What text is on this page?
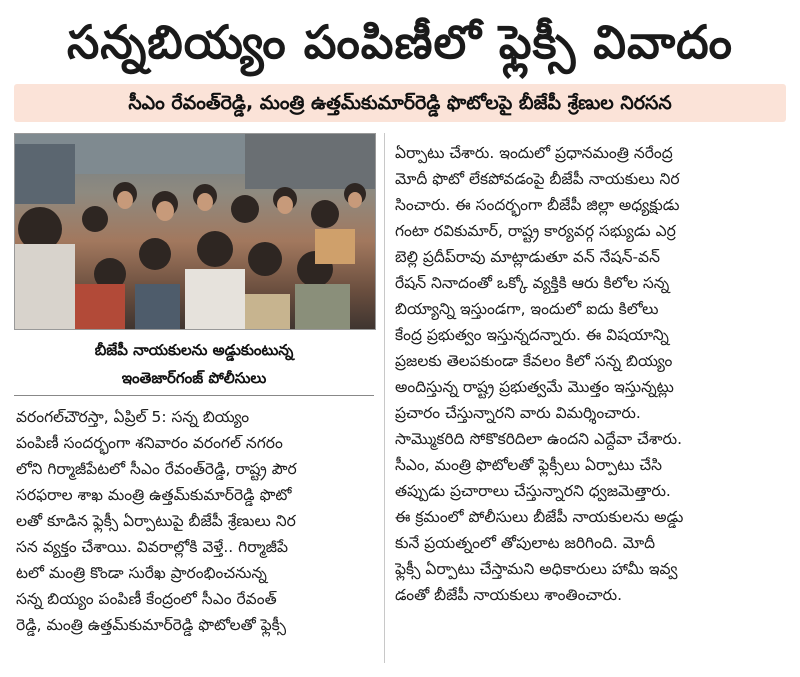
సన్నబియ్యం పంపిణీలో ఫ్లెక్సీ వివాదం
సీఎం రేవంత్‌రెడ్డి, మంత్రి ఉత్తమ్‌కుమార్‌రెడ్డి ఫొటోలపై బీజేపీ శ్రేణుల నిరసన
బీజేపీ నాయకులను అడ్డుకుంటున్న
ఇంతెజార్‌గంజ్ పోలీసులు
వరంగల్‌చౌరస్తా, ఏప్రిల్ 5: సన్న బియ్యం
పంపిణీ సందర్భంగా శనివారం వరంగల్ నగరం
లోని గిర్మాజీపేటలో సీఎం రేవంత్‌రెడ్డి, రాష్ట్ర పౌర
సరఫరాల శాఖ మంత్రి ఉత్తమ్‌కుమార్‌రెడ్డి ఫొటో
లతో కూడిన ఫ్లెక్సీ ఏర్పాటుపై బీజేపీ శ్రేణులు నిర
సన వ్యక్తం చేశాయి. వివరాల్లోకి వెళ్తే.. గిర్మాజీపే
టలో మంత్రి కొండా సురేఖ ప్రారంభించనున్న
సన్న బియ్యం పంపిణీ కేంద్రంలో సీఎం రేవంత్
రెడ్డి, మంత్రి ఉత్తమ్‌కుమార్‌రెడ్డి ఫొటోలతో ఫ్లెక్సీ
ఏర్పాటు చేశారు. ఇందులో ప్రధానమంత్రి నరేంద్ర
మోదీ ఫొటో లేకపోవడంపై బీజేపీ నాయకులు నిర
సించారు. ఈ సందర్భంగా బీజేపీ జిల్లా అధ్యక్షుడు
గంటా రవికుమార్, రాష్ట్ర కార్యవర్గ సభ్యుడు ఎర్ర
బెల్లి ప్రదీప్‌రావు మాట్లాడుతూ వన్ నేషన్-వన్
రేషన్ నినాదంతో ఒక్కో వ్యక్తికి ఆరు కిలోల సన్న
బియ్యాన్ని ఇస్తుండగా, ఇందులో ఐదు కిలోలు
కేంద్ర ప్రభుత్వం ఇస్తున్నదన్నారు. ఈ విషయాన్ని
ప్రజలకు తెలపకుండా కేవలం కిలో సన్న బియ్యం
అందిస్తున్న రాష్ట్ర ప్రభుత్వమే మొత్తం ఇస్తున్నట్లు
ప్రచారం చేస్తున్నారని వారు విమర్శించారు.
సామ్మొకరిది సోకొకరిదిలా ఉందని ఎద్దేవా చేశారు.
సీఎం, మంత్రి ఫొటోలతో ఫ్లెక్సీలు ఏర్పాటు చేసి
తప్పుడు ప్రచారాలు చేస్తున్నారని ధ్వజమెత్తారు.
ఈ క్రమంలో పోలీసులు బీజేపీ నాయకులను అడ్డు
కునే ప్రయత్నంలో తోపులాట జరిగింది. మోదీ
ఫ్లెక్సీ ఏర్పాటు చేస్తామని అధికారులు హామీ ఇవ్వ
డంతో బీజేపీ నాయకులు శాంతించారు.
